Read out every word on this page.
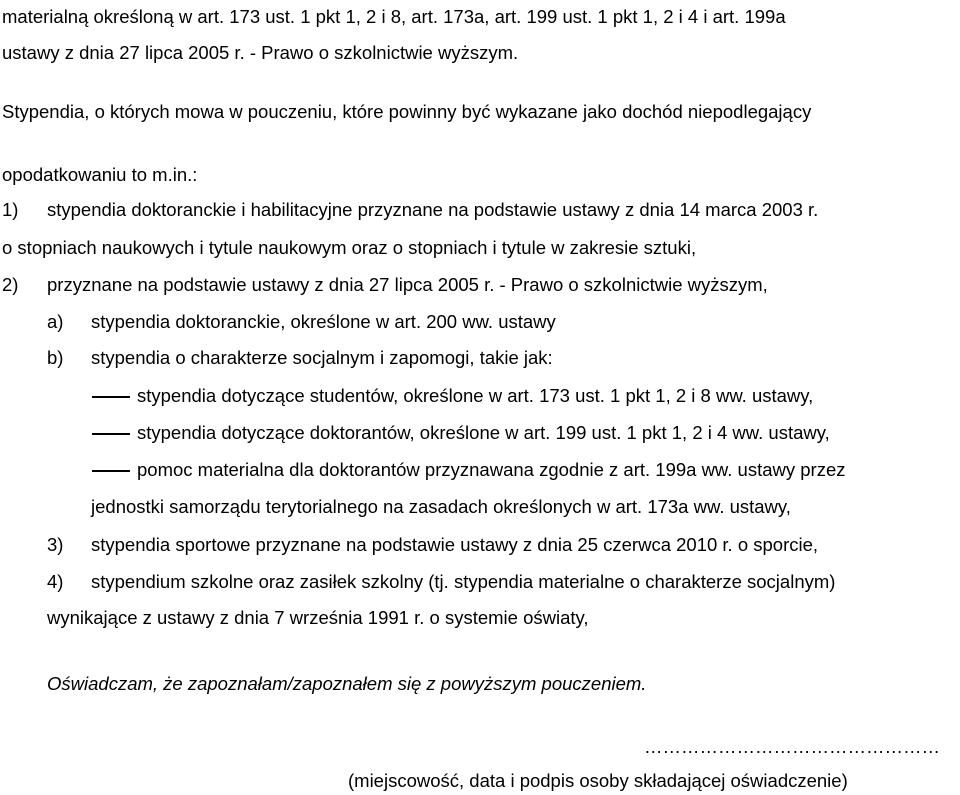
materialną określoną w art. 173 ust. 1 pkt 1, 2 i 8, art. 173a, art. 199 ust. 1 pkt 1, 2 i 4 i art. 199a
ustawy z dnia 27 lipca 2005 r. - Prawo o szkolnictwie wyższym.
Stypendia, o których mowa w pouczeniu, które powinny być wykazane jako dochód niepodlegający
opodatkowaniu to m.in.:
1) stypendia doktoranckie i habilitacyjne przyznane na podstawie ustawy z dnia 14 marca 2003 r.
o stopniach naukowych i tytule naukowym oraz o stopniach i tytule w zakresie sztuki,
2) przyznane na podstawie ustawy z dnia 27 lipca 2005 r. - Prawo o szkolnictwie wyższym,
a) stypendia doktoranckie, określone w art. 200 ww. ustawy
b) stypendia o charakterze socjalnym i zapomogi, takie jak:
stypendia dotyczące studentów, określone w art. 173 ust. 1 pkt 1, 2 i 8 ww. ustawy,
stypendia dotyczące doktorantów, określone w art. 199 ust. 1 pkt 1, 2 i 4 ww. ustawy,
pomoc materialna dla doktorantów przyznawana zgodnie z art. 199a ww. ustawy przez
jednostki samorządu terytorialnego na zasadach określonych w art. 173a ww. ustawy,
3) stypendia sportowe przyznane na podstawie ustawy z dnia 25 czerwca 2010 r. o sporcie,
4) stypendium szkolne oraz zasiłek szkolny (tj. stypendia materialne o charakterze socjalnym)
wynikające z ustawy z dnia 7 września 1991 r. o systemie oświaty,
Oświadczam, że zapoznałam/zapoznałem się z powyższym pouczeniem.
…………………………………………
(miejscowość, data i podpis osoby składającej oświadczenie)
